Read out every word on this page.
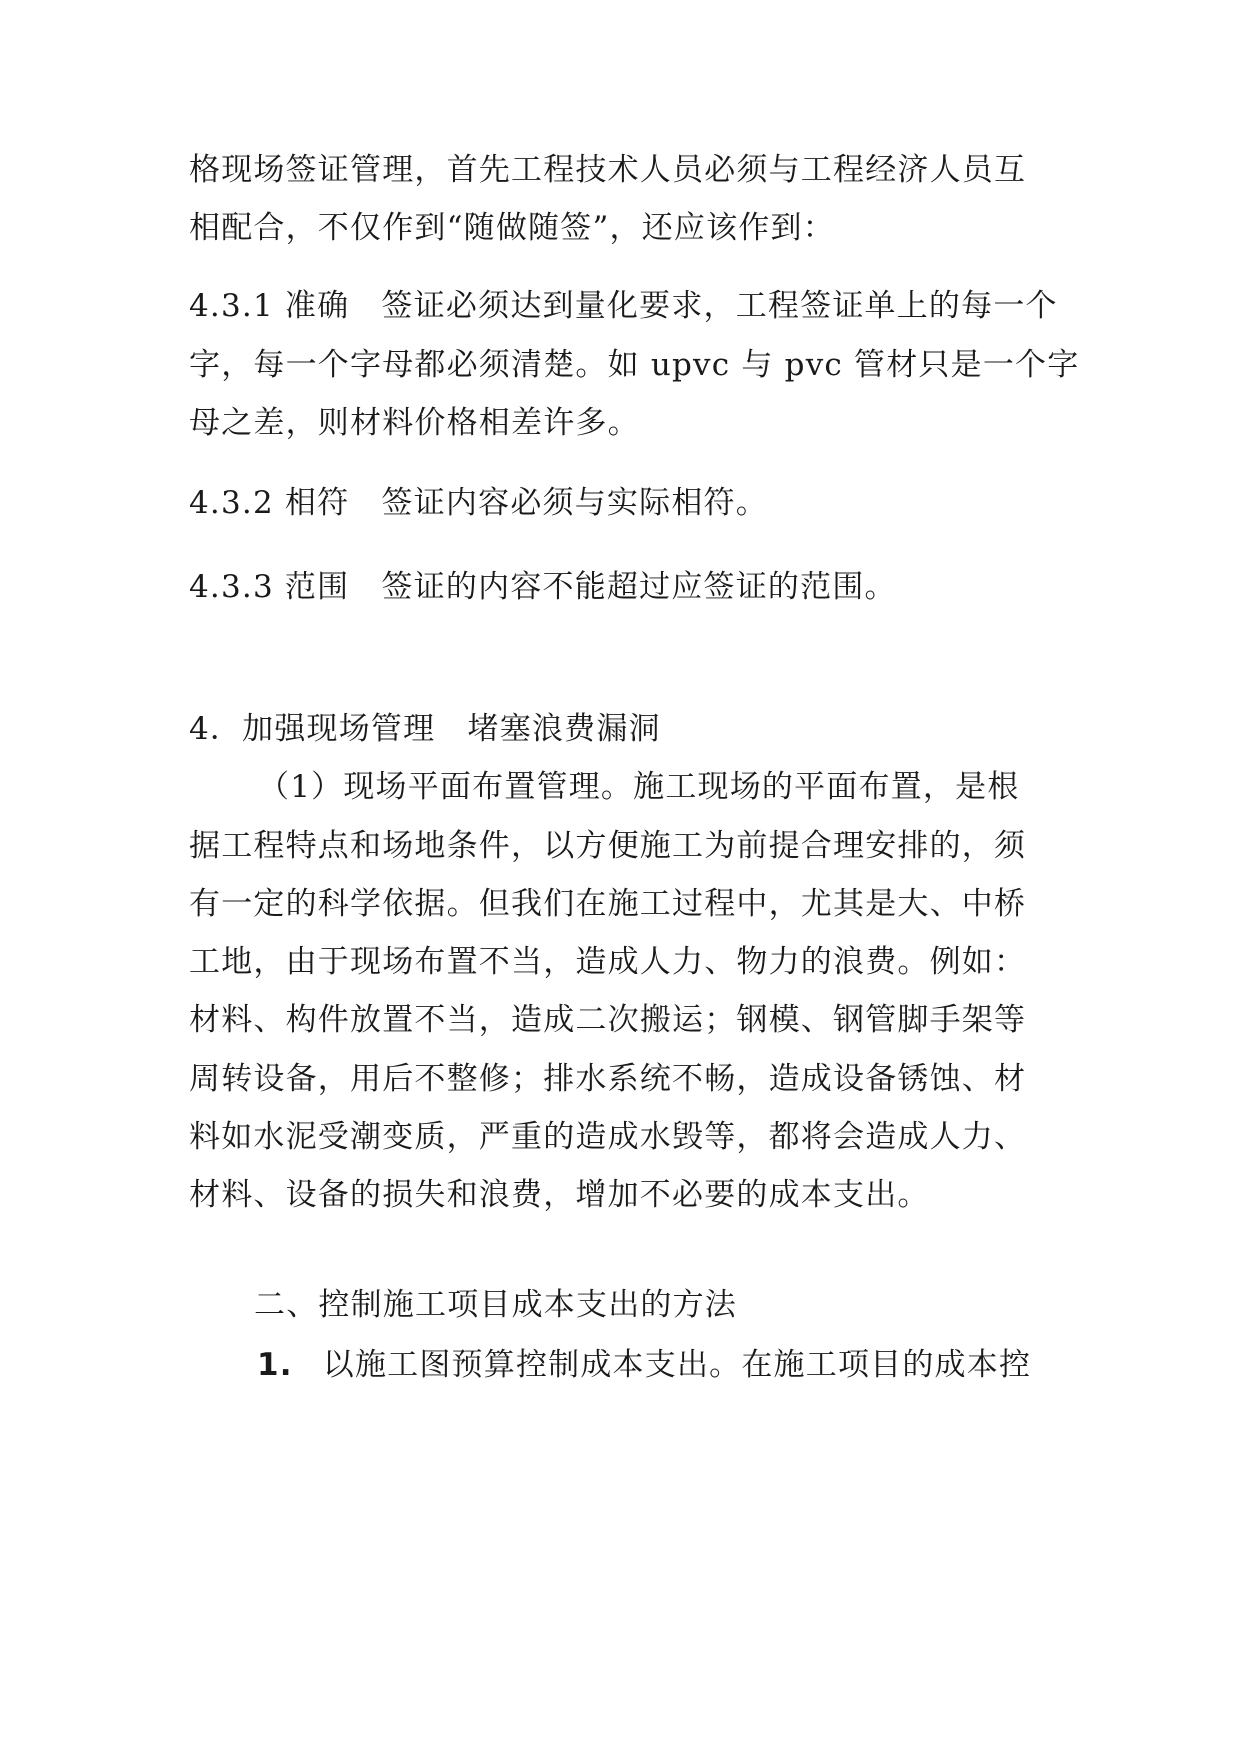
格现场签证管理，首先工程技术人员必须与工程经济人员互
相配合，不仅作到“随做随签”，还应该作到：
4.3.1 准确　签证必须达到量化要求，工程签证单上的每一个
字，每一个字母都必须清楚。如 upvc 与 pvc 管材只是一个字
母之差，则材料价格相差许多。
4.3.2 相符　签证内容必须与实际相符。
4.3.3 范围　签证的内容不能超过应签证的范围。
4．加强现场管理　堵塞浪费漏洞
（1）现场平面布置管理。施工现场的平面布置，是根
据工程特点和场地条件，以方便施工为前提合理安排的，须
有一定的科学依据。但我们在施工过程中，尤其是大、中桥
工地，由于现场布置不当，造成人力、物力的浪费。例如：
材料、构件放置不当，造成二次搬运；钢模、钢管脚手架等
周转设备，用后不整修；排水系统不畅，造成设备锈蚀、材
料如水泥受潮变质，严重的造成水毁等，都将会造成人力、
材料、设备的损失和浪费，增加不必要的成本支出。
二、控制施工项目成本支出的方法
1. 以施工图预算控制成本支出。在施工项目的成本控
